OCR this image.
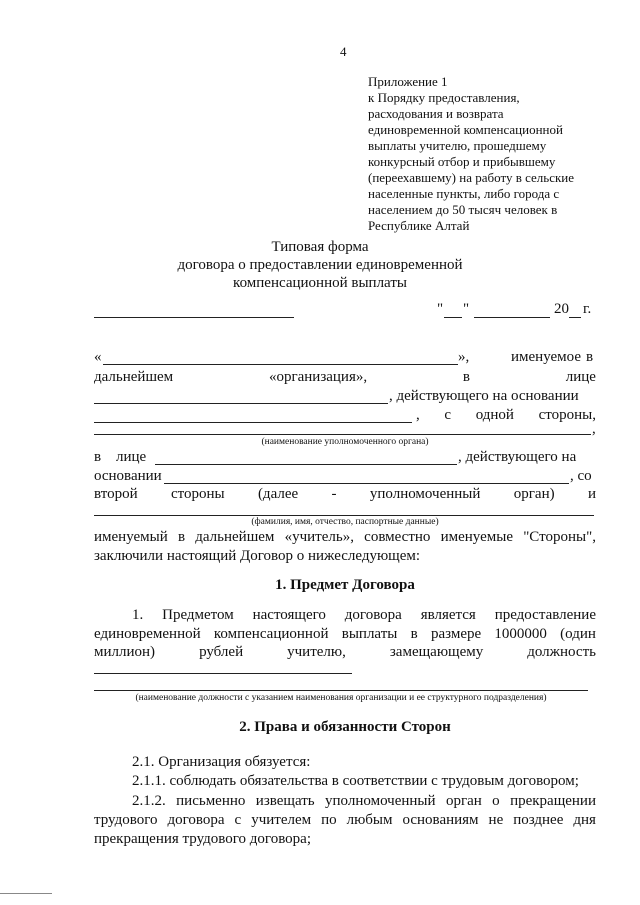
4
Приложение 1
к Порядку предоставления,
расходования и возврата
единовременной компенсационной
выплаты учителю, прошедшему
конкурсный отбор и прибывшему
(переехавшему) на работу в сельские
населенные пункты, либо города с
населением до 50 тысяч человек в
Республике Алтай
Типовая форма
договора о предоставлении единовременной
компенсационной выплаты
" "	20 г.
«	»,	именуемое в
дальнейшем	«организация»,	в	лице
, действующего на основании
, с одной стороны,
,
(наименование уполномоченного органа)
в лице	, действующего на
основании	, со
второй стороны (далее - уполномоченный орган) и
(фамилия, имя, отчество, паспортные данные)
именуемый в дальнейшем «учитель», совместно именуемые "Стороны",
заключили настоящий Договор о нижеследующем:
1. Предмет Договора
1. Предметом настоящего договора является предоставление
единовременной компенсационной выплаты в размере 1000000 (один
миллион)	рублей	учителю,	замещающему	должность
(наименование должности с указанием наименования организации и ее структурного подразделения)
2. Права и обязанности Сторон
2.1. Организация обязуется:
2.1.1. соблюдать обязательства в соответствии с трудовым договором;
2.1.2. письменно извещать уполномоченный орган о прекращении
трудового договора с учителем по любым основаниям не позднее дня
прекращения трудового договора;
